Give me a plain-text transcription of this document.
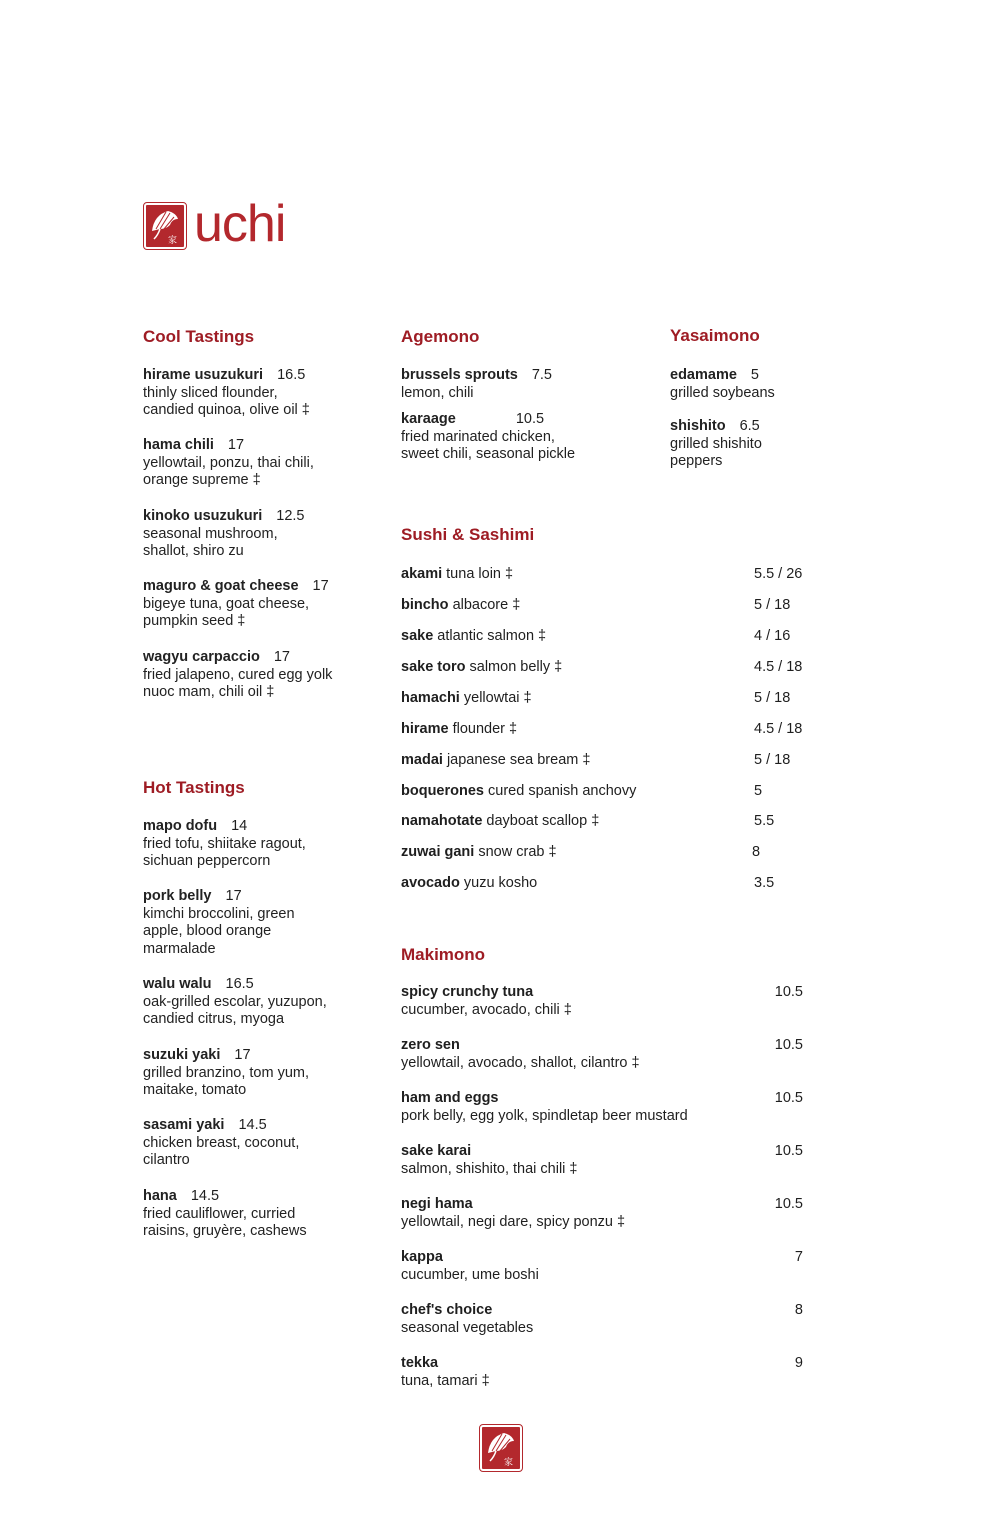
家 uchi
Cool Tastings
hirame usuzukuri 16.5
thinly sliced flounder,
candied quinoa, olive oil ‡
hama chili 17
yellowtail, ponzu, thai chili,
orange supreme ‡
kinoko usuzukuri 12.5
seasonal mushroom,
shallot, shiro zu
maguro & goat cheese 17
bigeye tuna, goat cheese,
pumpkin seed ‡
wagyu carpaccio 17
fried jalapeno, cured egg yolk
nuoc mam, chili oil ‡
Hot Tastings
mapo dofu 14
fried tofu, shiitake ragout,
sichuan peppercorn
pork belly 17
kimchi broccolini, green
apple, blood orange
marmalade
walu walu 16.5
oak-grilled escolar, yuzupon,
candied citrus, myoga
suzuki yaki 17
grilled branzino, tom yum,
maitake, tomato
sasami yaki 14.5
chicken breast, coconut,
cilantro
hana 14.5
fried cauliflower, curried
raisins, gruyère, cashews
Agemono
brussels sprouts 7.5
lemon, chili
karaage	10.5
fried marinated chicken,
sweet chili, seasonal pickle
Yasaimono
edamame 5
grilled soybeans
shishito 6.5
grilled shishito
peppers
Sushi & Sashimi
akami tuna loin ‡	5.5 / 26
bincho albacore ‡	5 / 18
sake atlantic salmon ‡	4 / 16
sake toro salmon belly ‡	4.5 / 18
hamachi yellowtai ‡	5 / 18
hirame flounder ‡	4.5 / 18
madai japanese sea bream ‡	5 / 18
boquerones cured spanish anchovy	5
namahotate dayboat scallop ‡	5.5
zuwai gani snow crab ‡	8
avocado yuzu kosho	3.5
Makimono
spicy crunchy tuna	10.5

cucumber, avocado, chili ‡
zero sen	10.5

yellowtail, avocado, shallot, cilantro ‡
ham and eggs	10.5

pork belly, egg yolk, spindletap beer mustard
sake karai	10.5

salmon, shishito, thai chili ‡
negi hama	10.5

yellowtail, negi dare, spicy ponzu ‡
kappa	7

cucumber, ume boshi
chef's choice	8

seasonal vegetables
tekka	9

tuna, tamari ‡
家
